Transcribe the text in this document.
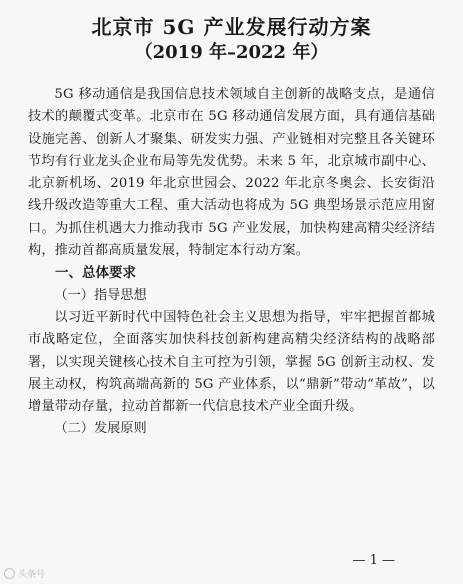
北京市 5G 产业发展行动方案
（2019 年–2022 年）

5G 移动通信是我国信息技术领域自主创新的战略支点，是通信技术的颠覆式变革。北京市在 5G 移动通信发展方面，具有通信基础设施完善、创新人才聚集、研发实力强、产业链相对完整且各关键环节均有行业龙头企业布局等先发优势。未来 5 年，北京城市副中心、北京新机场、2019 年北京世园会、2022 年北京冬奥会、长安街沿线升级改造等重大工程、重大活动也将成为 5G 典型场景示范应用窗口。为抓住机遇大力推动我市 5G 产业发展，加快构建高精尖经济结构，推动首都高质量发展，特制定本行动方案。

一、总体要求

（一）指导思想

以习近平新时代中国特色社会主义思想为指导，牢牢把握首都城市战略定位，全面落实加快科技创新构建高精尖经济结构的战略部署，以实现关键核心技术自主可控为引领，掌握 5G 创新主动权、发展主动权，构筑高端高新的 5G 产业体系，以“鼎新”带动“革故”，以增量带动存量，拉动首都新一代信息技术产业全面升级。

（二）发展原则

— 1 —
头条号
